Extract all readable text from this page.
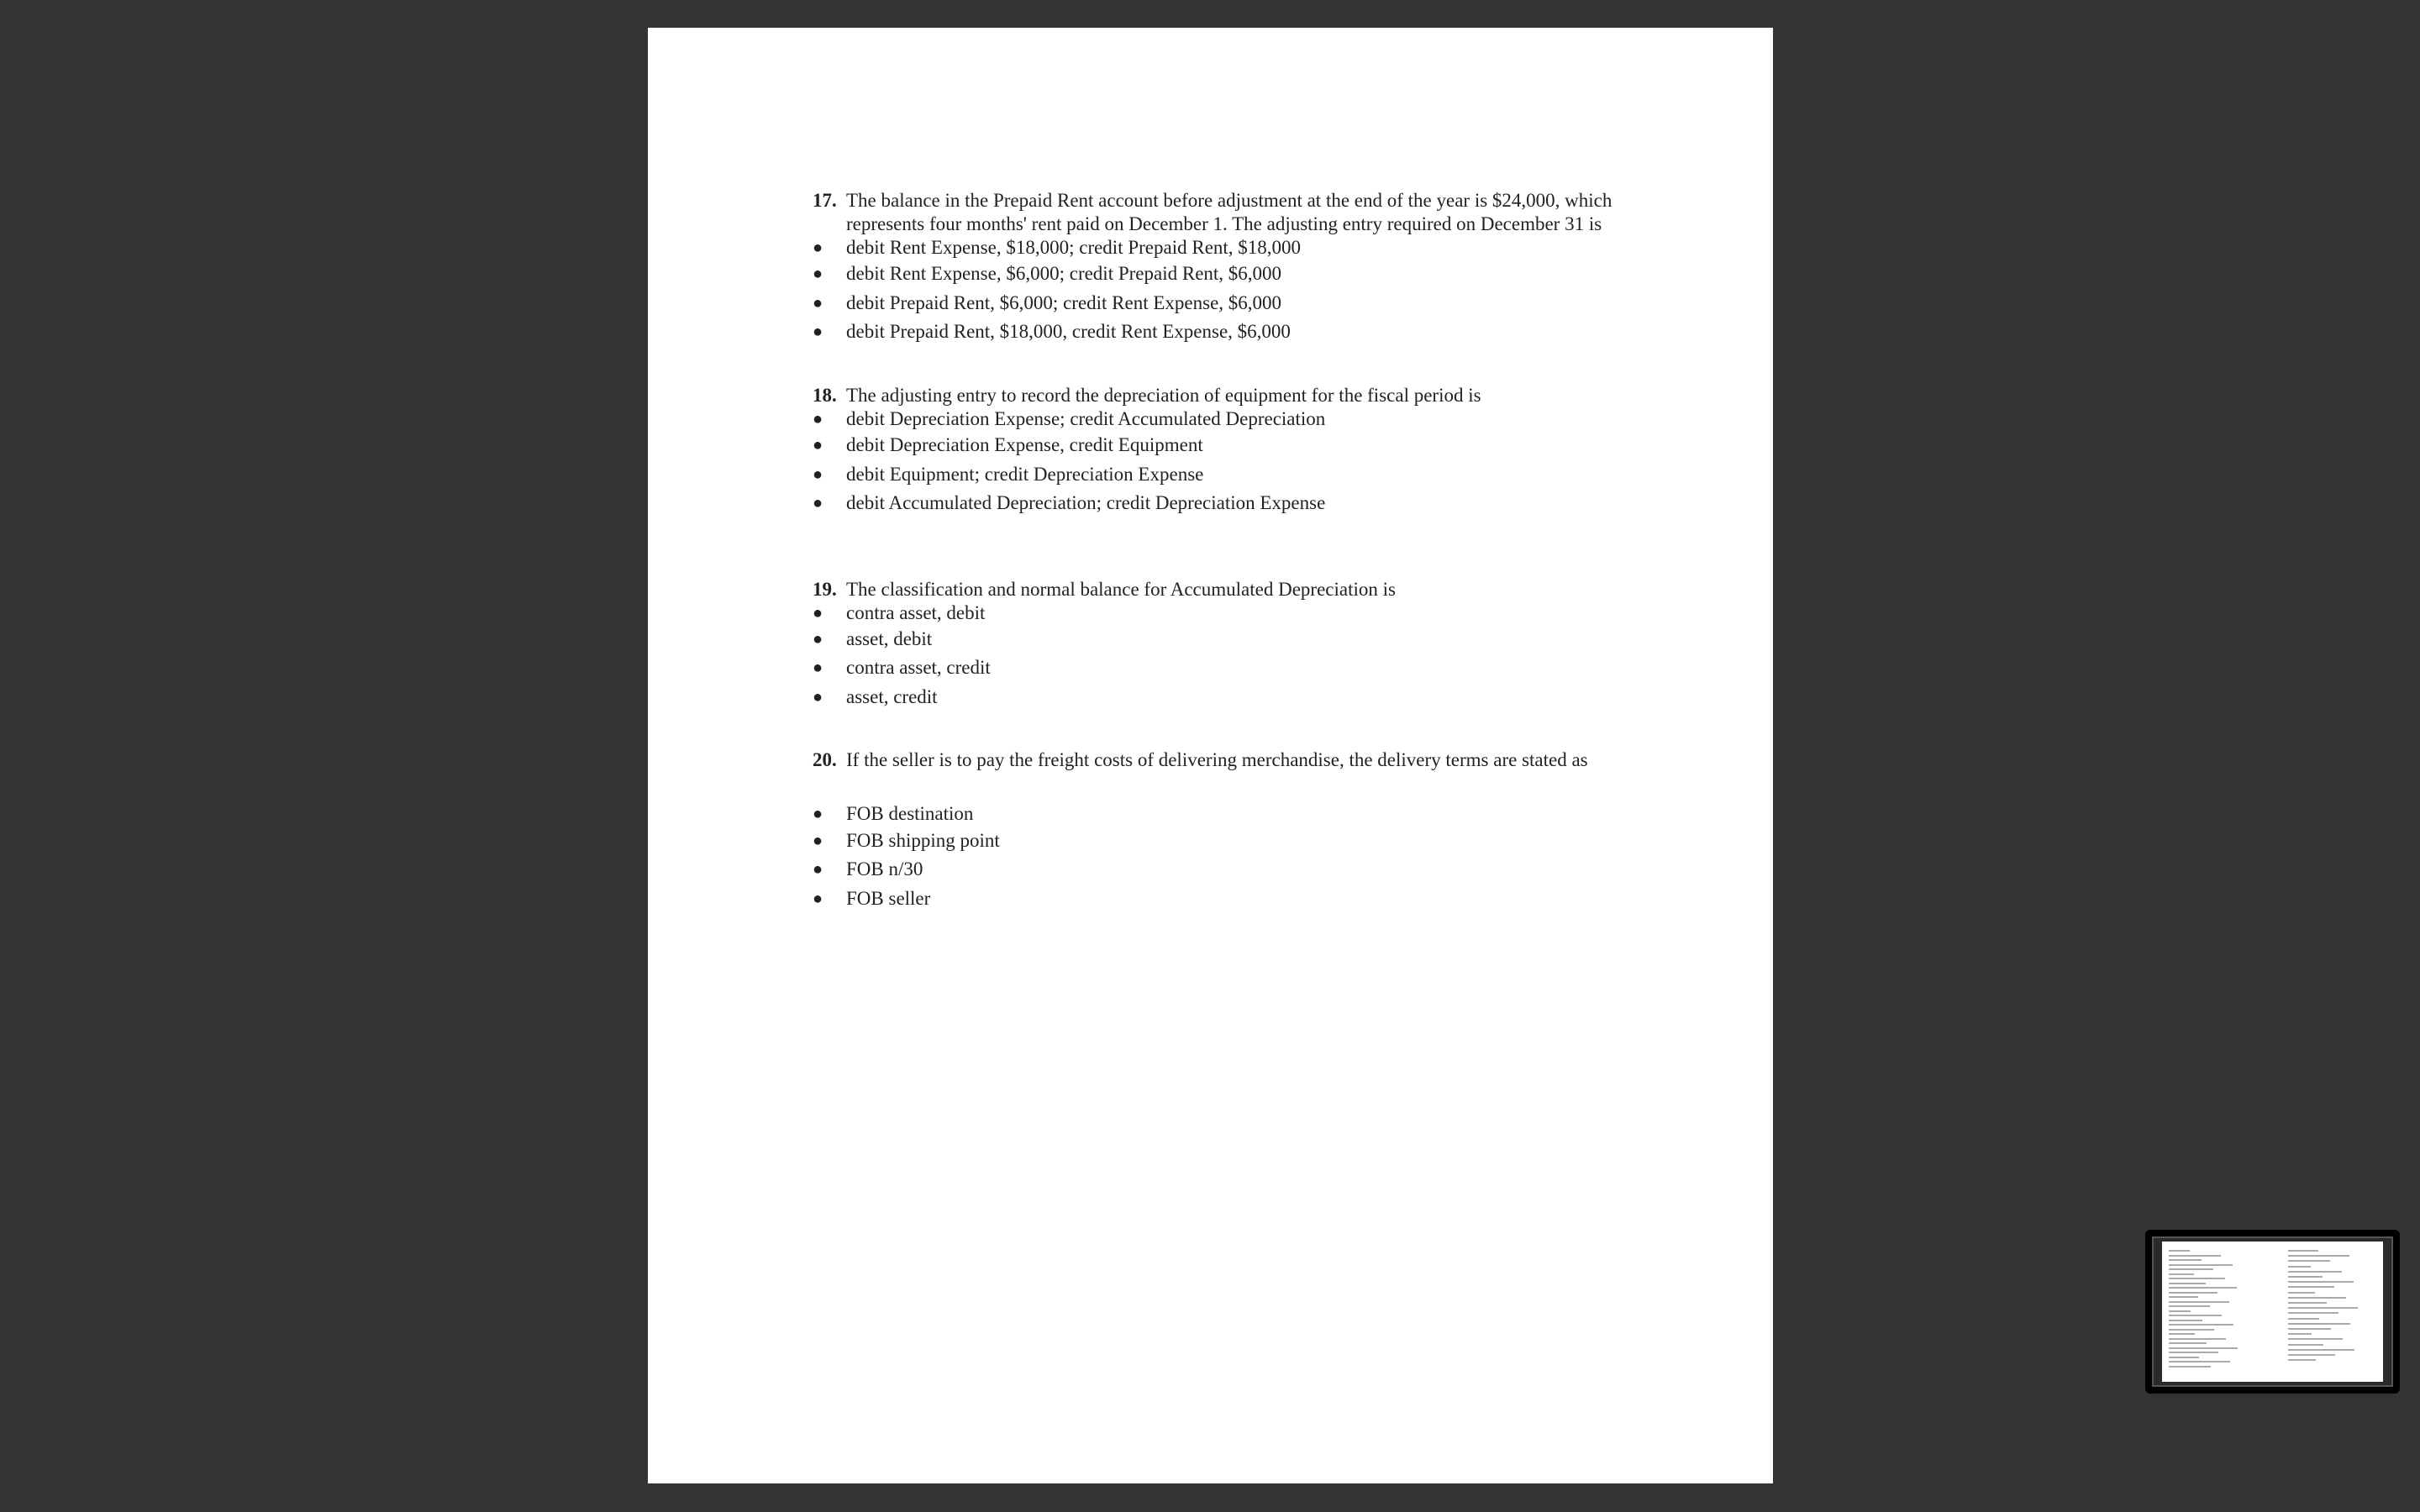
17. The balance in the Prepaid Rent account before adjustment at the end of the year is $24,000, which represents four months' rent paid on December 1. The adjusting entry required on December 31 is
●	debit Rent Expense, $18,000; credit Prepaid Rent, $18,000
●	debit Rent Expense, $6,000; credit Prepaid Rent, $6,000
●	debit Prepaid Rent, $6,000; credit Rent Expense, $6,000
●	debit Prepaid Rent, $18,000, credit Rent Expense, $6,000
18. The adjusting entry to record the depreciation of equipment for the fiscal period is
●	debit Depreciation Expense; credit Accumulated Depreciation
●	debit Depreciation Expense, credit Equipment
●	debit Equipment; credit Depreciation Expense
●	debit Accumulated Depreciation; credit Depreciation Expense
19. The classification and normal balance for Accumulated Depreciation is
●	contra asset, debit
●	asset, debit
●	contra asset, credit
●	asset, credit
20. If the seller is to pay the freight costs of delivering merchandise, the delivery terms are stated as
●	FOB destination
●	FOB shipping point
●	FOB n/30
●	FOB seller
